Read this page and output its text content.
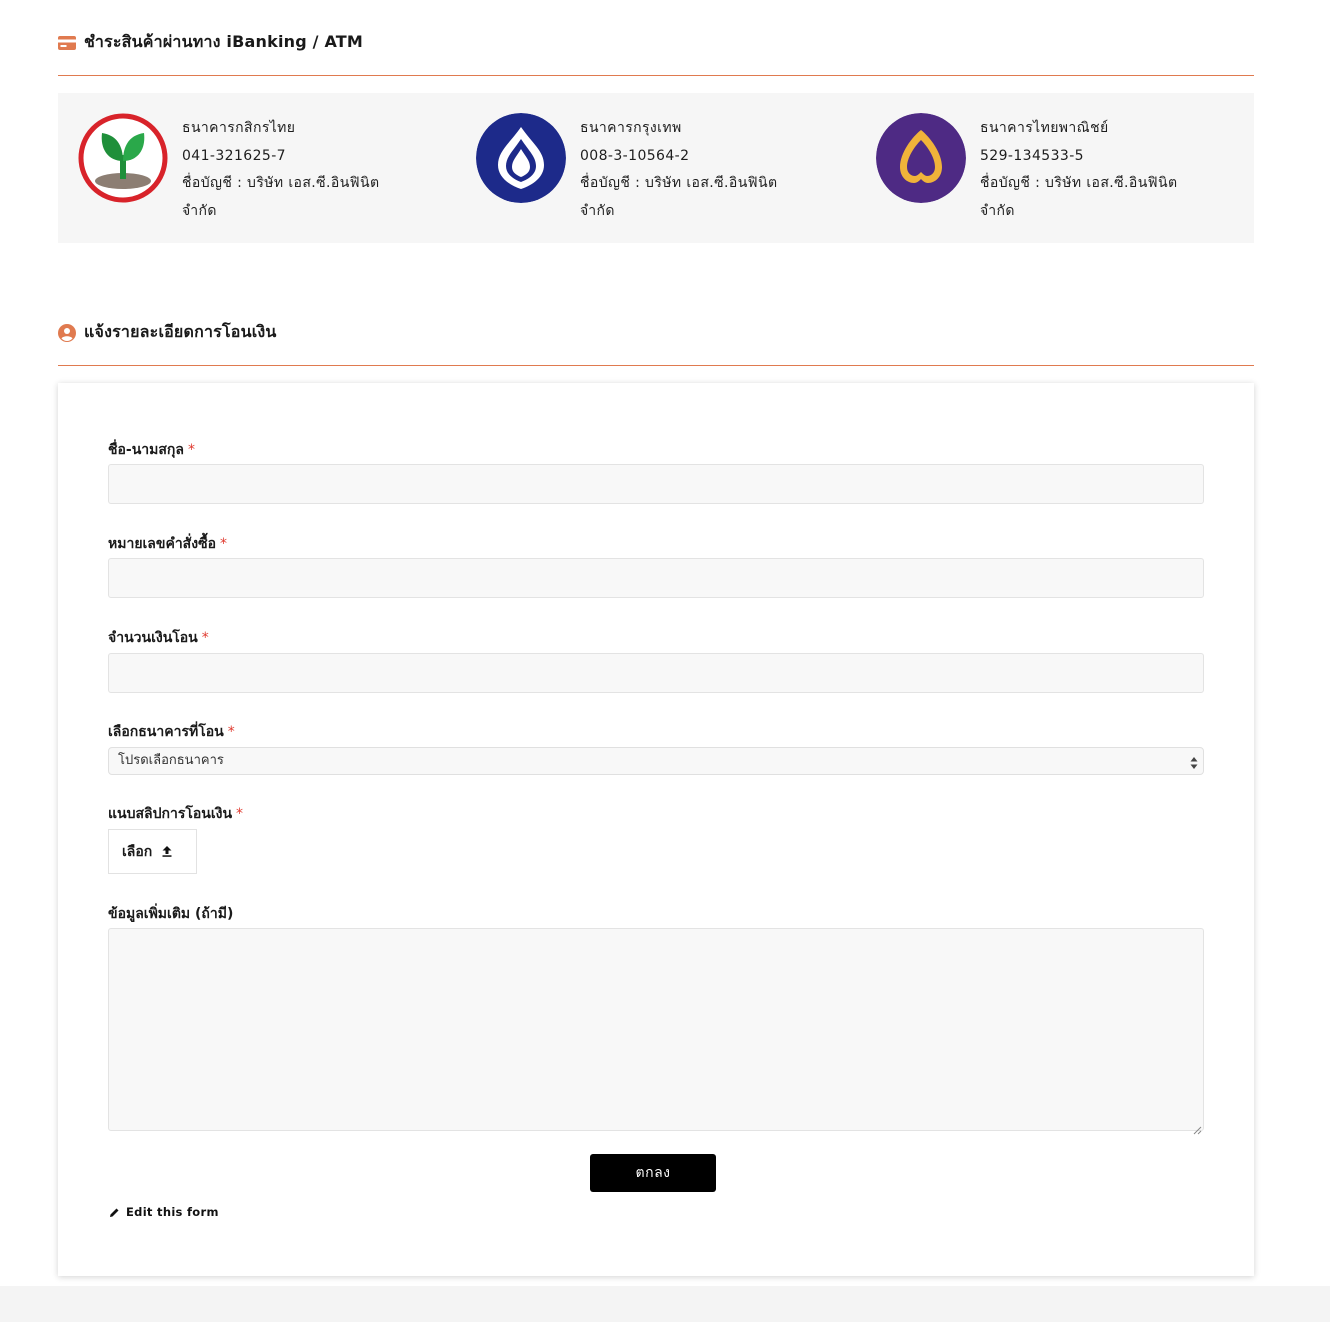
ชำระสินค้าผ่านทาง iBanking / ATM
ธนาคารกสิกรไทย
041-321625-7
ชื่อบัญชี : บริษัท เอส.ซี.อินฟินิต
จำกัด
ธนาคารกรุงเทพ
008-3-10564-2
ชื่อบัญชี : บริษัท เอส.ซี.อินฟินิต
จำกัด
ธนาคารไทยพาณิชย์
529-134533-5
ชื่อบัญชี : บริษัท เอส.ซี.อินฟินิต
จำกัด
แจ้งรายละเอียดการโอนเงิน
ชื่อ-นามสกุล *
หมายเลขคำสั่งซื้อ *
จำนวนเงินโอน *
เลือกธนาคารที่โอน *
โปรดเลือกธนาคาร
แนบสลิปการโอนเงิน *
เลือก
ข้อมูลเพิ่มเติม (ถ้ามี)
ตกลง
Edit this form
